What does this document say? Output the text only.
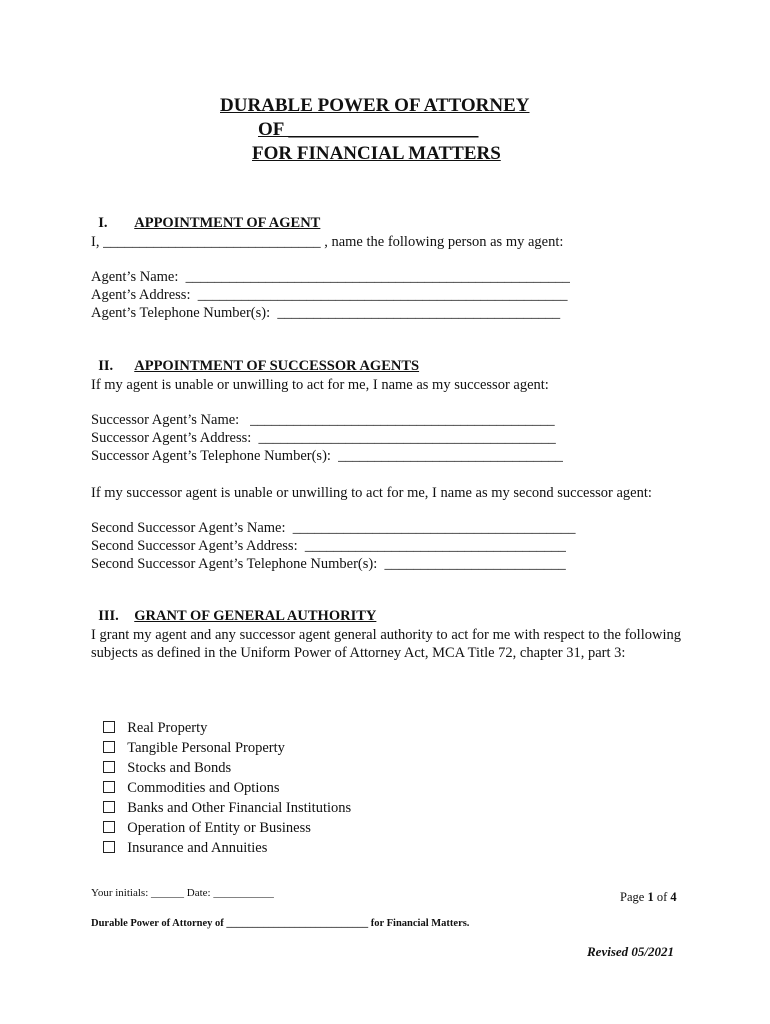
DURABLE POWER OF ATTORNEY
OF ____________________
FOR FINANCIAL MATTERS

I. APPOINTMENT OF AGENT

I, ______________________________ , name the following person as my agent:
Agent’s Name:  _____________________________________________________
Agent’s Address:  ___________________________________________________
Agent’s Telephone Number(s):  _______________________________________

II. APPOINTMENT OF SUCCESSOR AGENTS

If my agent is unable or unwilling to act for me, I name as my successor agent:
Successor Agent’s Name:   __________________________________________
Successor Agent’s Address:  _________________________________________
Successor Agent’s Telephone Number(s):  _______________________________
If my successor agent is unable or unwilling to act for me, I name as my second successor agent:
Second Successor Agent’s Name:  _______________________________________
Second Successor Agent’s Address:  ____________________________________
Second Successor Agent’s Telephone Number(s):  _________________________

III. GRANT OF GENERAL AUTHORITY

I grant my agent and any successor agent general authority to act for me with respect to the following subjects as defined in the Uniform Power of Attorney Act, MCA Title 72, chapter 31, part 3:

Real Property

Tangible Personal Property

Stocks and Bonds

Commodities and Options

Banks and Other Financial Institutions

Operation of Entity or Business

Insurance and Annuities

Your initials: ______ Date: ___________	Page 1 of 4
Durable Power of Attorney of ___________________________ for Financial Matters.
Revised 05/2021
